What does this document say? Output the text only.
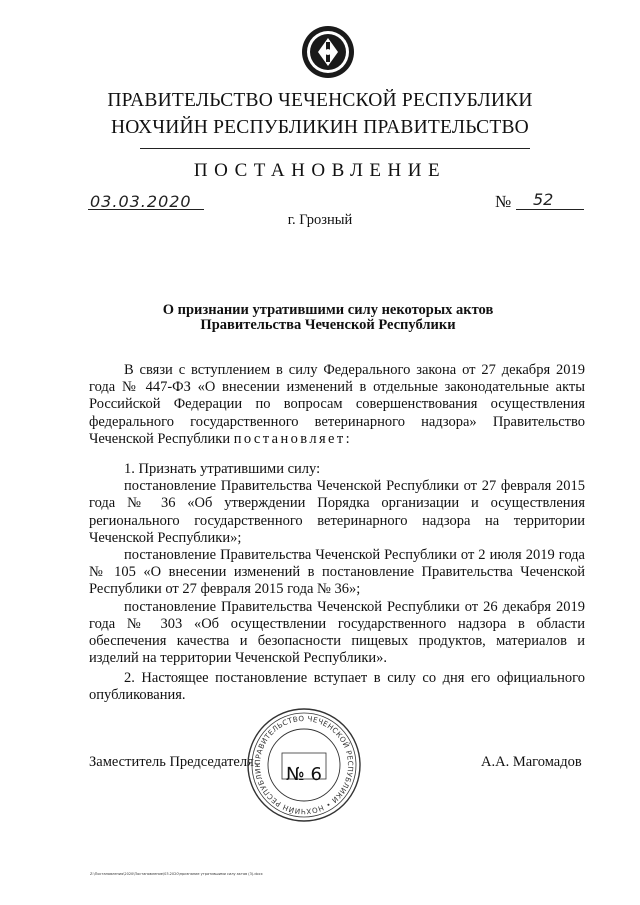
ПРАВИТЕЛЬСТВО ЧЕЧЕНСКОЙ РЕСПУБЛИКИ
НОХЧИЙН РЕСПУБЛИКИН ПРАВИТЕЛЬСТВО
ПОСТАНОВЛЕНИЕ
03.03.2020	№ 52
г. Грозный
О признании утратившими силу некоторых актов
Правительства Чеченской Республики

В связи с вступлением в силу Федерального закона от 27 декабря 2019 года № 447-ФЗ «О внесении изменений в отдельные законодательные акты Российской Федерации по вопросам совершенствования осуществления федерального государственного ветеринарного надзора» Правительство Чеченской Республики постановляет:

1. Признать утратившими силу:

постановление Правительства Чеченской Республики от 27 февраля 2015 года № 36 «Об утверждении Порядка организации и осуществления регионального государственного ветеринарного надзора на территории Чеченской Республики»;

постановление Правительства Чеченской Республики от 2 июля 2019 года № 105 «О внесении изменений в постановление Правительства Чеченской Республики от 27 февраля 2015 года № 36»;

постановление Правительства Чеченской Республики от 26 декабря 2019 года № 303 «Об осуществлении государственного надзора в области обеспечения качества и безопасности пищевых продуктов, материалов и изделий на территории Чеченской Республики».

2. Настоящее постановление вступает в силу со дня его официального опубликования.

Заместитель Председателя	А.А. Магомадов
ПРАВИТЕЛЬСТВО ЧЕЧЕНСКОЙ РЕСПУБЛИКИ • НОХЧИЙН РЕСПУБЛИК	№ 6
Z:\Постановления\2020\Постановление\03.2020\признание утратившими силу актов (3).docx
